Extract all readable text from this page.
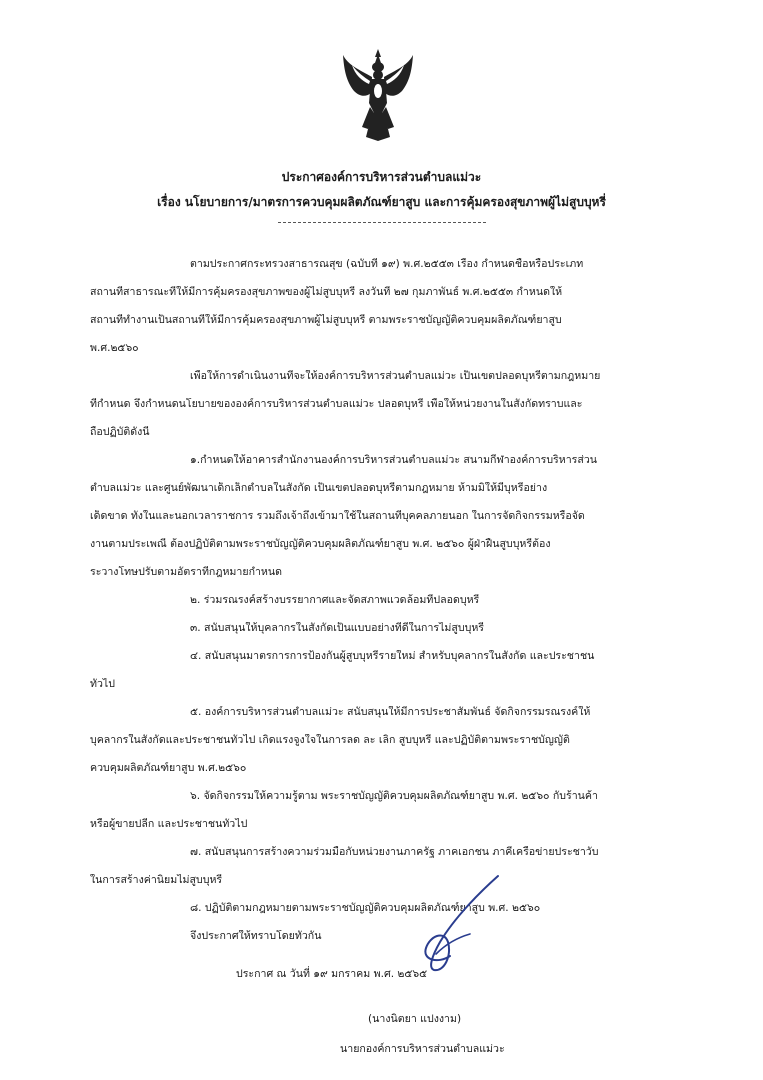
ประกาศองค์การบริหารส่วนตำบลแม่วะ
เรื่อง นโยบายการ/มาตรการควบคุมผลิตภัณฑ์ยาสูบ และการคุ้มครองสุขภาพผู้ไม่สูบบุหรี่
ตามประกาศกระทรวงสาธารณสุข (ฉบับที่ ๑๙) พ.ศ.๒๕๕๓ เรื่อง กำหนดชื่อหรือประเภท
สถานที่สาธารณะที่ให้มีการคุ้มครองสุขภาพของผู้ไม่สูบบุหรี่ ลงวันที่ ๒๗ กุมภาพันธ์ พ.ศ.๒๕๕๓ กำหนดให้
สถานที่ทำงานเป็นสถานที่ให้มีการคุ้มครองสุขภาพผู้ไม่สูบบุหรี่ ตามพระราชบัญญัติควบคุมผลิตภัณฑ์ยาสูบ
พ.ศ.๒๕๖๐
เพื่อให้การดำเนินงานที่จะให้องค์การบริหารส่วนตำบลแม่วะ เป็นเขตปลอดบุหรี่ตามกฎหมาย
ที่กำหนด จึงกำหนดนโยบายขององค์การบริหารส่วนตำบลแม่วะ ปลอดบุหรี่ เพื่อให้หน่วยงานในสังกัดทราบและ
ถือปฏิบัติดังนี้
๑.กำหนดให้อาคารสำนักงานองค์การบริหารส่วนตำบลแม่วะ สนามกีฬาองค์การบริหารส่วน
ตำบลแม่วะ และศูนย์พัฒนาเด็กเล็กตำบลในสังกัด เป็นเขตปลอดบุหรี่ตามกฎหมาย ห้ามมิให้มีบุหรี่อย่าง
เด็ดขาด ทั้งในและนอกเวลาราชการ รวมถึงเจ้าถึงเข้ามาใช้ในสถานที่บุคคลภายนอก ในการจัดกิจกรรมหรือจัด
งานตามประเพณี ต้องปฏิบัติตามพระราชบัญญัติควบคุมผลิตภัณฑ์ยาสูบ พ.ศ. ๒๕๖๐ ผู้ฝ่าฝืนสูบบุหรี่ต้อง
ระวางโทษปรับตามอัตราที่กฎหมายกำหนด
๒. ร่วมรณรงค์สร้างบรรยากาศและจัดสภาพแวดล้อมที่ปลอดบุหรี่
๓. สนับสนุนให้บุคลากรในสังกัดเป็นแบบอย่างที่ดีในการไม่สูบบุหรี่
๔. สนับสนุนมาตรการการป้องกันผู้สูบบุหรี่รายใหม่ สำหรับบุคลากรในสังกัด และประชาชน
ทั่วไป
๕. องค์การบริหารส่วนตำบลแม่วะ สนับสนุนให้มีการประชาสัมพันธ์ จัดกิจกรรมรณรงค์ให้
บุคลากรในสังกัดและประชาชนทั่วไป เกิดแรงจูงใจในการลด ละ เลิก สูบบุหรี่ และปฏิบัติตามพระราชบัญญัติ
ควบคุมผลิตภัณฑ์ยาสูบ พ.ศ.๒๕๖๐
๖. จัดกิจกรรมให้ความรู้ตาม พระราชบัญญัติควบคุมผลิตภัณฑ์ยาสูบ พ.ศ. ๒๕๖๐ กับร้านค้า
หรือผู้ขายปลีก และประชาชนทั่วไป
๗. สนับสนุนการสร้างความร่วมมือกับหน่วยงานภาครัฐ ภาคเอกชน ภาคีเครือข่ายประชาวับ
ในการสร้างค่านิยมไม่สูบบุหรี่
๘. ปฏิบัติตามกฎหมายตามพระราชบัญญัติควบคุมผลิตภัณฑ์ยาสูบ พ.ศ. ๒๕๖๐
จึงประกาศให้ทราบโดยทั่วกัน
ประกาศ ณ วันที่ ๑๙ มกราคม พ.ศ. ๒๕๖๕
(นางนิตยา แปงงาม)
นายกองค์การบริหารส่วนตำบลแม่วะ
